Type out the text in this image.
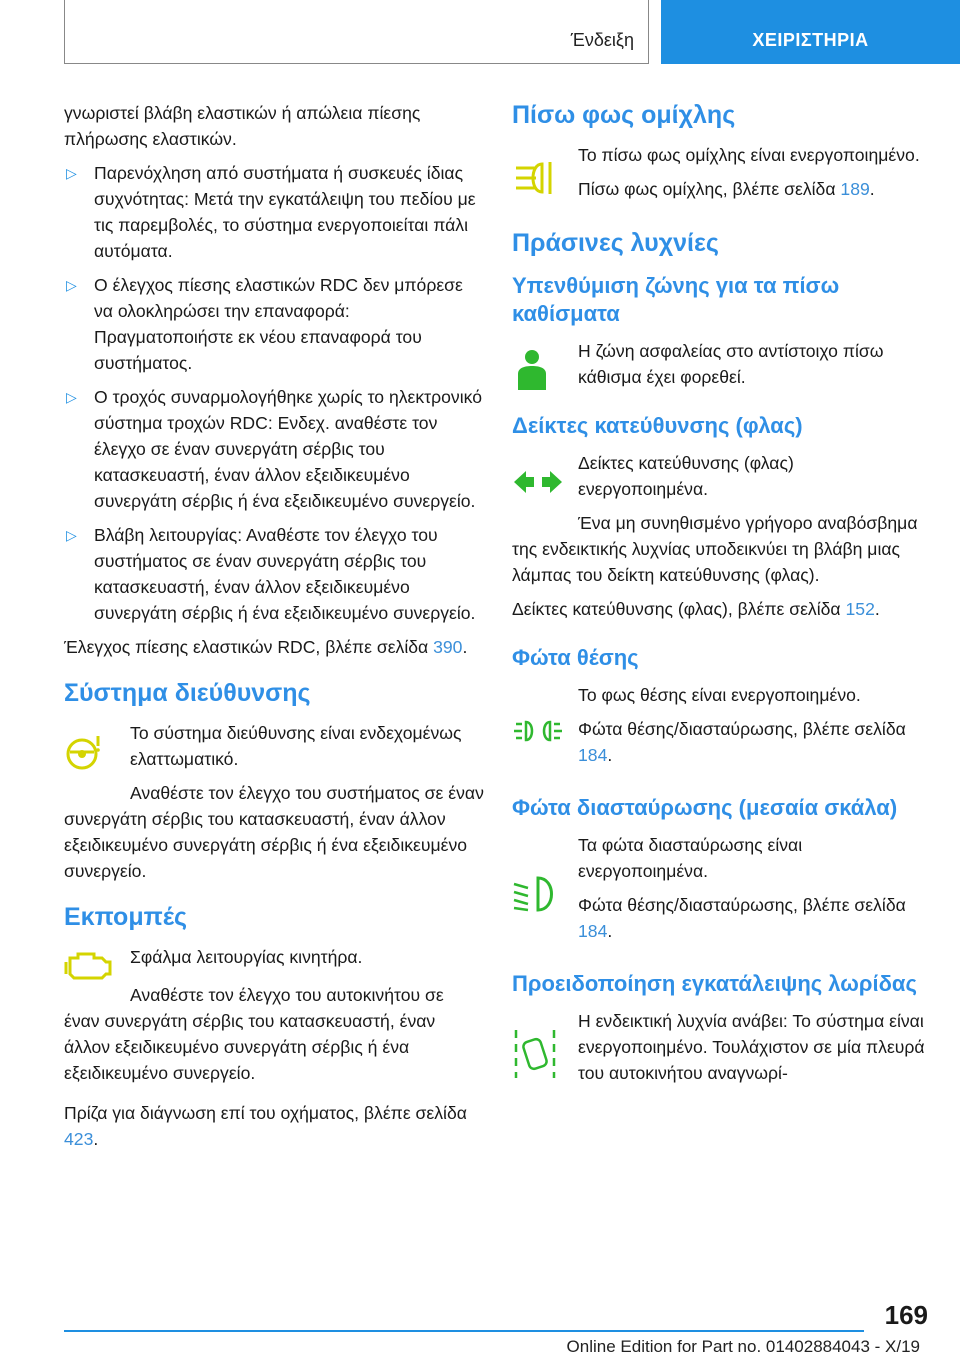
Ένδειξη	ΧΕΙΡΙΣΤΗΡΙΑ

γνωριστεί βλάβη ελαστικών ή απώλεια πίεσης πλήρωσης ελαστικών.

▷ Παρενόχληση από συστήματα ή συσκευές ίδιας συχνότητας: Μετά την εγκατάλειψη του πεδίου με τις παρεμβολές, το σύστημα ενεργοποιείται πάλι αυτόματα.
▷ Ο έλεγχος πίεσης ελαστικών RDC δεν μπόρεσε να ολοκληρώσει την επαναφορά: Πραγματοποιήστε εκ νέου επαναφορά του συστήματος.
▷ Ο τροχός συναρμολογήθηκε χωρίς το ηλεκτρονικό σύστημα τροχών RDC: Ενδεχ. αναθέστε τον έλεγχο σε έναν συνεργάτη σέρβις του κατασκευαστή, έναν άλλον εξειδικευμένο συνεργάτη σέρβις ή ένα εξειδικευμένο συνεργείο.
▷ Βλάβη λειτουργίας: Αναθέστε τον έλεγχο του συστήματος σε έναν συνεργάτη σέρβις του κατασκευαστή, έναν άλλον εξειδικευμένο συνεργάτη σέρβις ή ένα εξειδικευμένο συνεργείο.

Έλεγχος πίεσης ελαστικών RDC, βλέπε σελίδα 390.

Σύστημα διεύθυνσης

Το σύστημα διεύθυνσης είναι ενδεχομένως ελαττωματικό.

Αναθέστε τον έλεγχο του συστήματος σε έναν συνεργάτη σέρβις του κατασκευαστή, έναν άλλον εξειδικευμένο συνεργάτη σέρβις ή ένα εξειδικευμένο συνεργείο.

Εκπομπές

Σφάλμα λειτουργίας κινητήρα.

Αναθέστε τον έλεγχο του αυτοκινήτου σε έναν συνεργάτη σέρβις του κατασκευαστή, έναν άλλον εξειδικευμένο συνεργάτη σέρβις ή ένα εξειδικευμένο συνεργείο.

Πρίζα για διάγνωση επί του οχήματος, βλέπε σελίδα 423.

Πίσω φως ομίχλης

Το πίσω φως ομίχλης είναι ενεργοποιημένο.

Πίσω φως ομίχλης, βλέπε σελίδα 189.

Πράσινες λυχνίες
Υπενθύμιση ζώνης για τα πίσω καθίσματα

Η ζώνη ασφαλείας στο αντίστοιχο πίσω κάθισμα έχει φορεθεί.

Δείκτες κατεύθυνσης (φλας)

Δείκτες κατεύθυνσης (φλας) ενεργοποιημένα.

Ένα μη συνηθισμένο γρήγορο αναβόσβημα της ενδεικτικής λυχνίας υποδεικνύει τη βλάβη μιας λάμπας του δείκτη κατεύθυνσης (φλας).

Δείκτες κατεύθυνσης (φλας), βλέπε σελίδα 152.

Φώτα θέσης

Το φως θέσης είναι ενεργοποιημένο.

Φώτα θέσης/διασταύρωσης, βλέπε σελίδα 184.

Φώτα διασταύρωσης (μεσαία σκάλα)

Τα φώτα διασταύρωσης είναι ενεργοποιημένα.

Φώτα θέσης/διασταύρωσης, βλέπε σελίδα 184.

Προειδοποίηση εγκατάλειψης λωρίδας

Η ενδεικτική λυχνία ανάβει: Το σύστημα είναι ενεργοποιημένο. Τουλάχιστον σε μία πλευρά του αυτοκινήτου αναγνωρί-

169
Online Edition for Part no. 01402884043 - X/19
